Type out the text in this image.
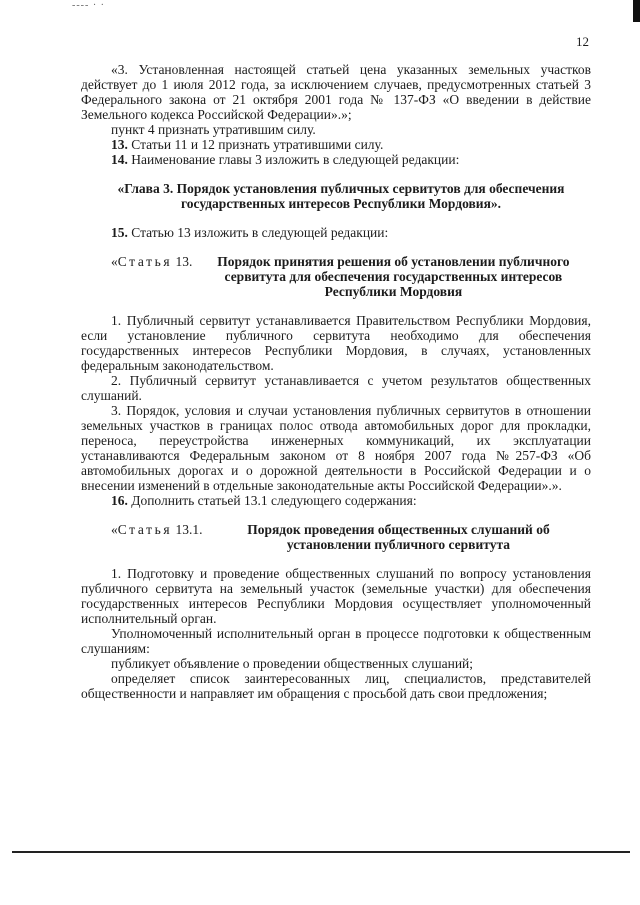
---- · ·
12

«3. Установленная настоящей статьей цена указанных земельных участков действует до 1 июля 2012 года, за исключением случаев, предусмотренных статьей 3 Федерального закона от 21 октября 2001 года № 137-ФЗ «О введении в действие Земельного кодекса Российской Федерации».»;

пункт 4 признать утратившим силу.

13. Статьи 11 и 12 признать утратившими силу.

14. Наименование главы 3 изложить в следующей редакции:

«Глава 3. Порядок установления публичных сервитутов для обеспечения государственных интересов Республики Мордовия».

15. Статью 13 изложить в следующей редакции:

«Статья 13.	Порядок принятия решения об установлении публичного сервитута для обеспечения государственных интересов Республики Мордовия

1. Публичный сервитут устанавливается Правительством Республики Мордовия, если установление публичного сервитута необходимо для обеспечения государственных интересов Республики Мордовия, в случаях, установленных федеральным законодательством.

2. Публичный сервитут устанавливается с учетом результатов общественных слушаний.

3. Порядок, условия и случаи установления публичных сервитутов в отношении земельных участков в границах полос отвода автомобильных дорог для прокладки, переноса, переустройства инженерных коммуникаций, их эксплуатации устанавливаются Федеральным законом от 8 ноября 2007 года №257-ФЗ «Об автомобильных дорогах и о дорожной деятельности в Российской Федерации и о внесении изменений в отдельные законодательные акты Российской Федерации».».

16. Дополнить статьей 13.1 следующего содержания:

«Статья 13.1.	Порядок проведения общественных слушаний об установлении публичного сервитута

1. Подготовку и проведение общественных слушаний по вопросу установления публичного сервитута на земельный участок (земельные участки) для обеспечения государственных интересов Республики Мордовия осуществляет уполномоченный исполнительный орган.

Уполномоченный исполнительный орган в процессе подготовки к общественным слушаниям:

публикует объявление о проведении общественных слушаний;

определяет список заинтересованных лиц, специалистов, представителей общественности и направляет им обращения с просьбой дать свои предложения;
